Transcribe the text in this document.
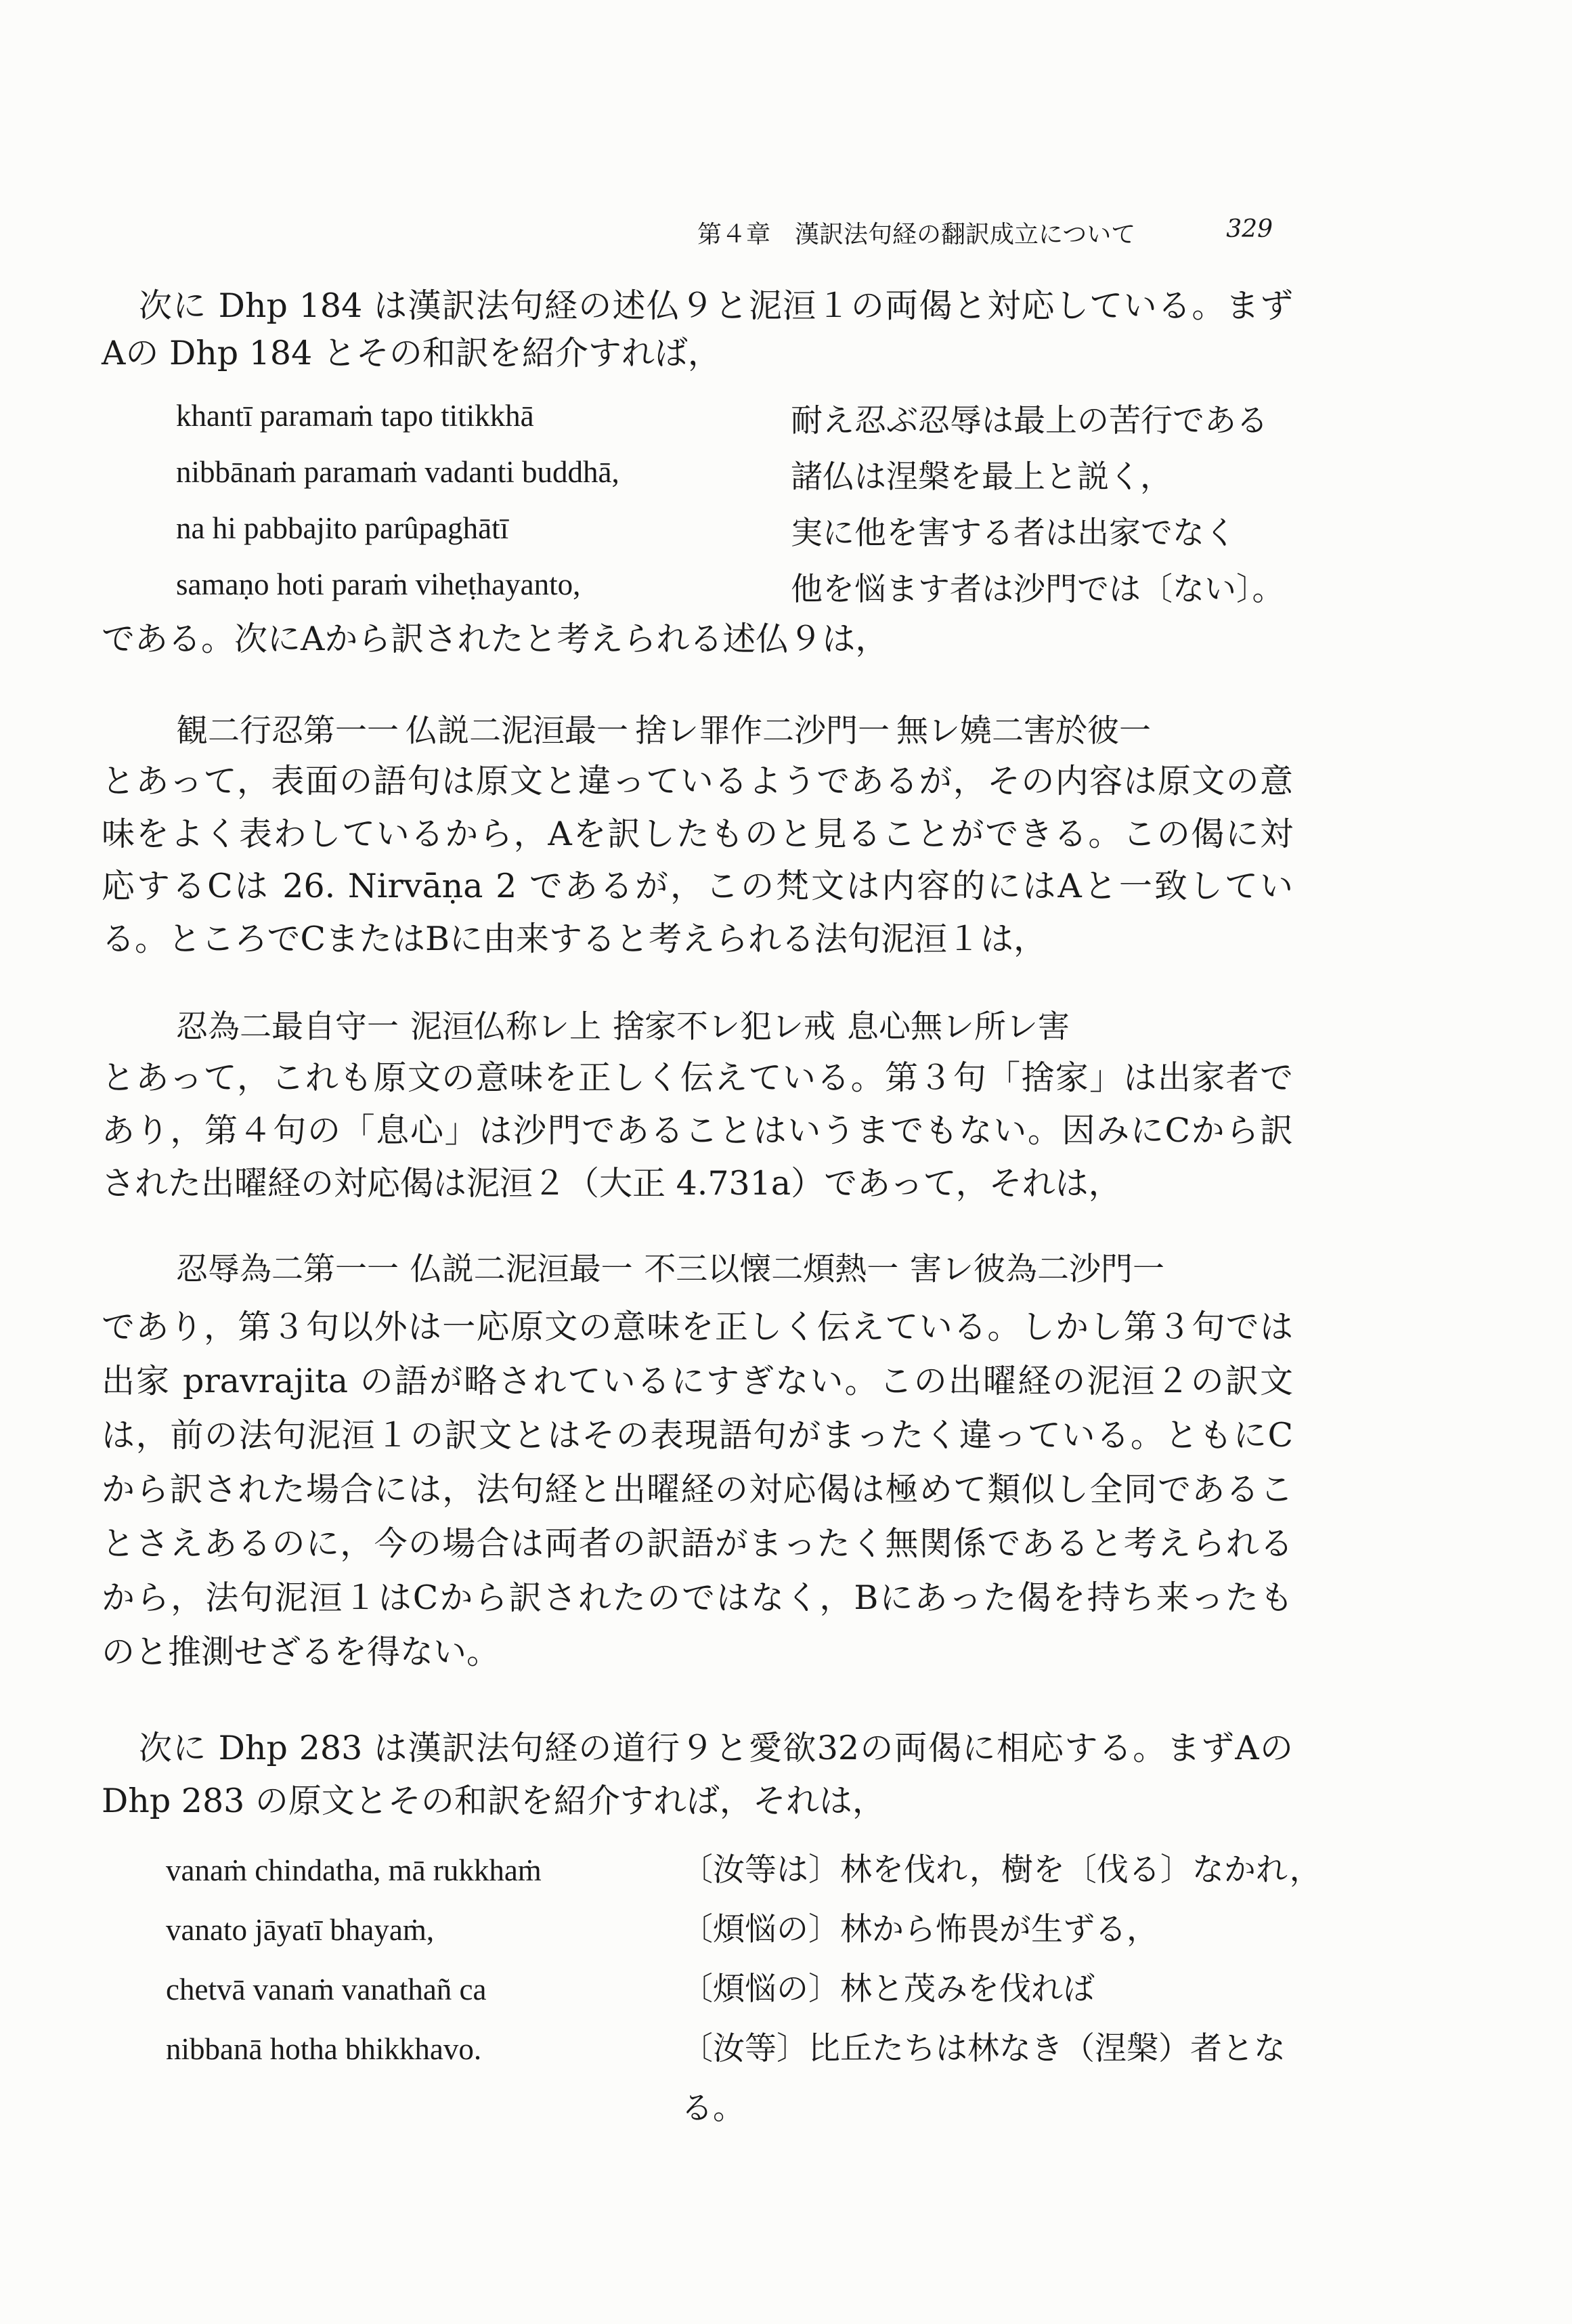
第４章　漢訳法句経の翻訳成立について	329
次に Dhp 184 は漢訳法句経の述仏９と泥洹１の両偈と対応している。まず
Aの Dhp 184 とその和訳を紹介すれば，
khantī paramaṁ tapo titikkhā	耐え忍ぶ忍辱は最上の苦行である
nibbānaṁ paramaṁ vadanti buddhā,	諸仏は涅槃を最上と説く，
na hi pabbajito parûpaghātī	実に他を害する者は出家でなく
samaṇo hoti paraṁ viheṭhayanto,	他を悩ます者は沙門では〔ない〕。
である。次にAから訳されたと考えられる述仏９は，
観二行忍第一一 仏説二泥洹最一 捨レ罪作二沙門一 無レ嬈二害於彼一
とあって，表面の語句は原文と違っているようであるが，その内容は原文の意
味をよく表わしているから，Aを訳したものと見ることができる。この偈に対
応するCは 26. Nirvāṇa 2 であるが，この梵文は内容的にはAと一致してい
る。ところでCまたはBに由来すると考えられる法句泥洹１は，
忍為二最自守一 泥洹仏称レ上 捨家不レ犯レ戒 息心無レ所レ害
とあって，これも原文の意味を正しく伝えている。第３句「捨家」は出家者で
あり，第４句の「息心」は沙門であることはいうまでもない。因みにCから訳
された出曜経の対応偈は泥洹２（大正 4.731a）であって，それは，
忍辱為二第一一 仏説二泥洹最一 不三以懐二煩熱一 害レ彼為二沙門一
であり，第３句以外は一応原文の意味を正しく伝えている。しかし第３句では
出家 pravrajita の語が略されているにすぎない。この出曜経の泥洹２の訳文
は，前の法句泥洹１の訳文とはその表現語句がまったく違っている。ともにC
から訳された場合には，法句経と出曜経の対応偈は極めて類似し全同であるこ
とさえあるのに，今の場合は両者の訳語がまったく無関係であると考えられる
から，法句泥洹１はCから訳されたのではなく，Bにあった偈を持ち来ったも
のと推測せざるを得ない。
次に Dhp 283 は漢訳法句経の道行９と愛欲32の両偈に相応する。まずAの
Dhp 283 の原文とその和訳を紹介すれば，それは，
vanaṁ chindatha, mā rukkhaṁ	〔汝等は〕林を伐れ，樹を〔伐る〕なかれ，
vanato jāyatī bhayaṁ,	〔煩悩の〕林から怖畏が生ずる，
chetvā vanaṁ vanathañ ca	〔煩悩の〕林と茂みを伐れば
nibbanā hotha bhikkhavo.	〔汝等〕比丘たちは林なき（涅槃）者とな
る。
